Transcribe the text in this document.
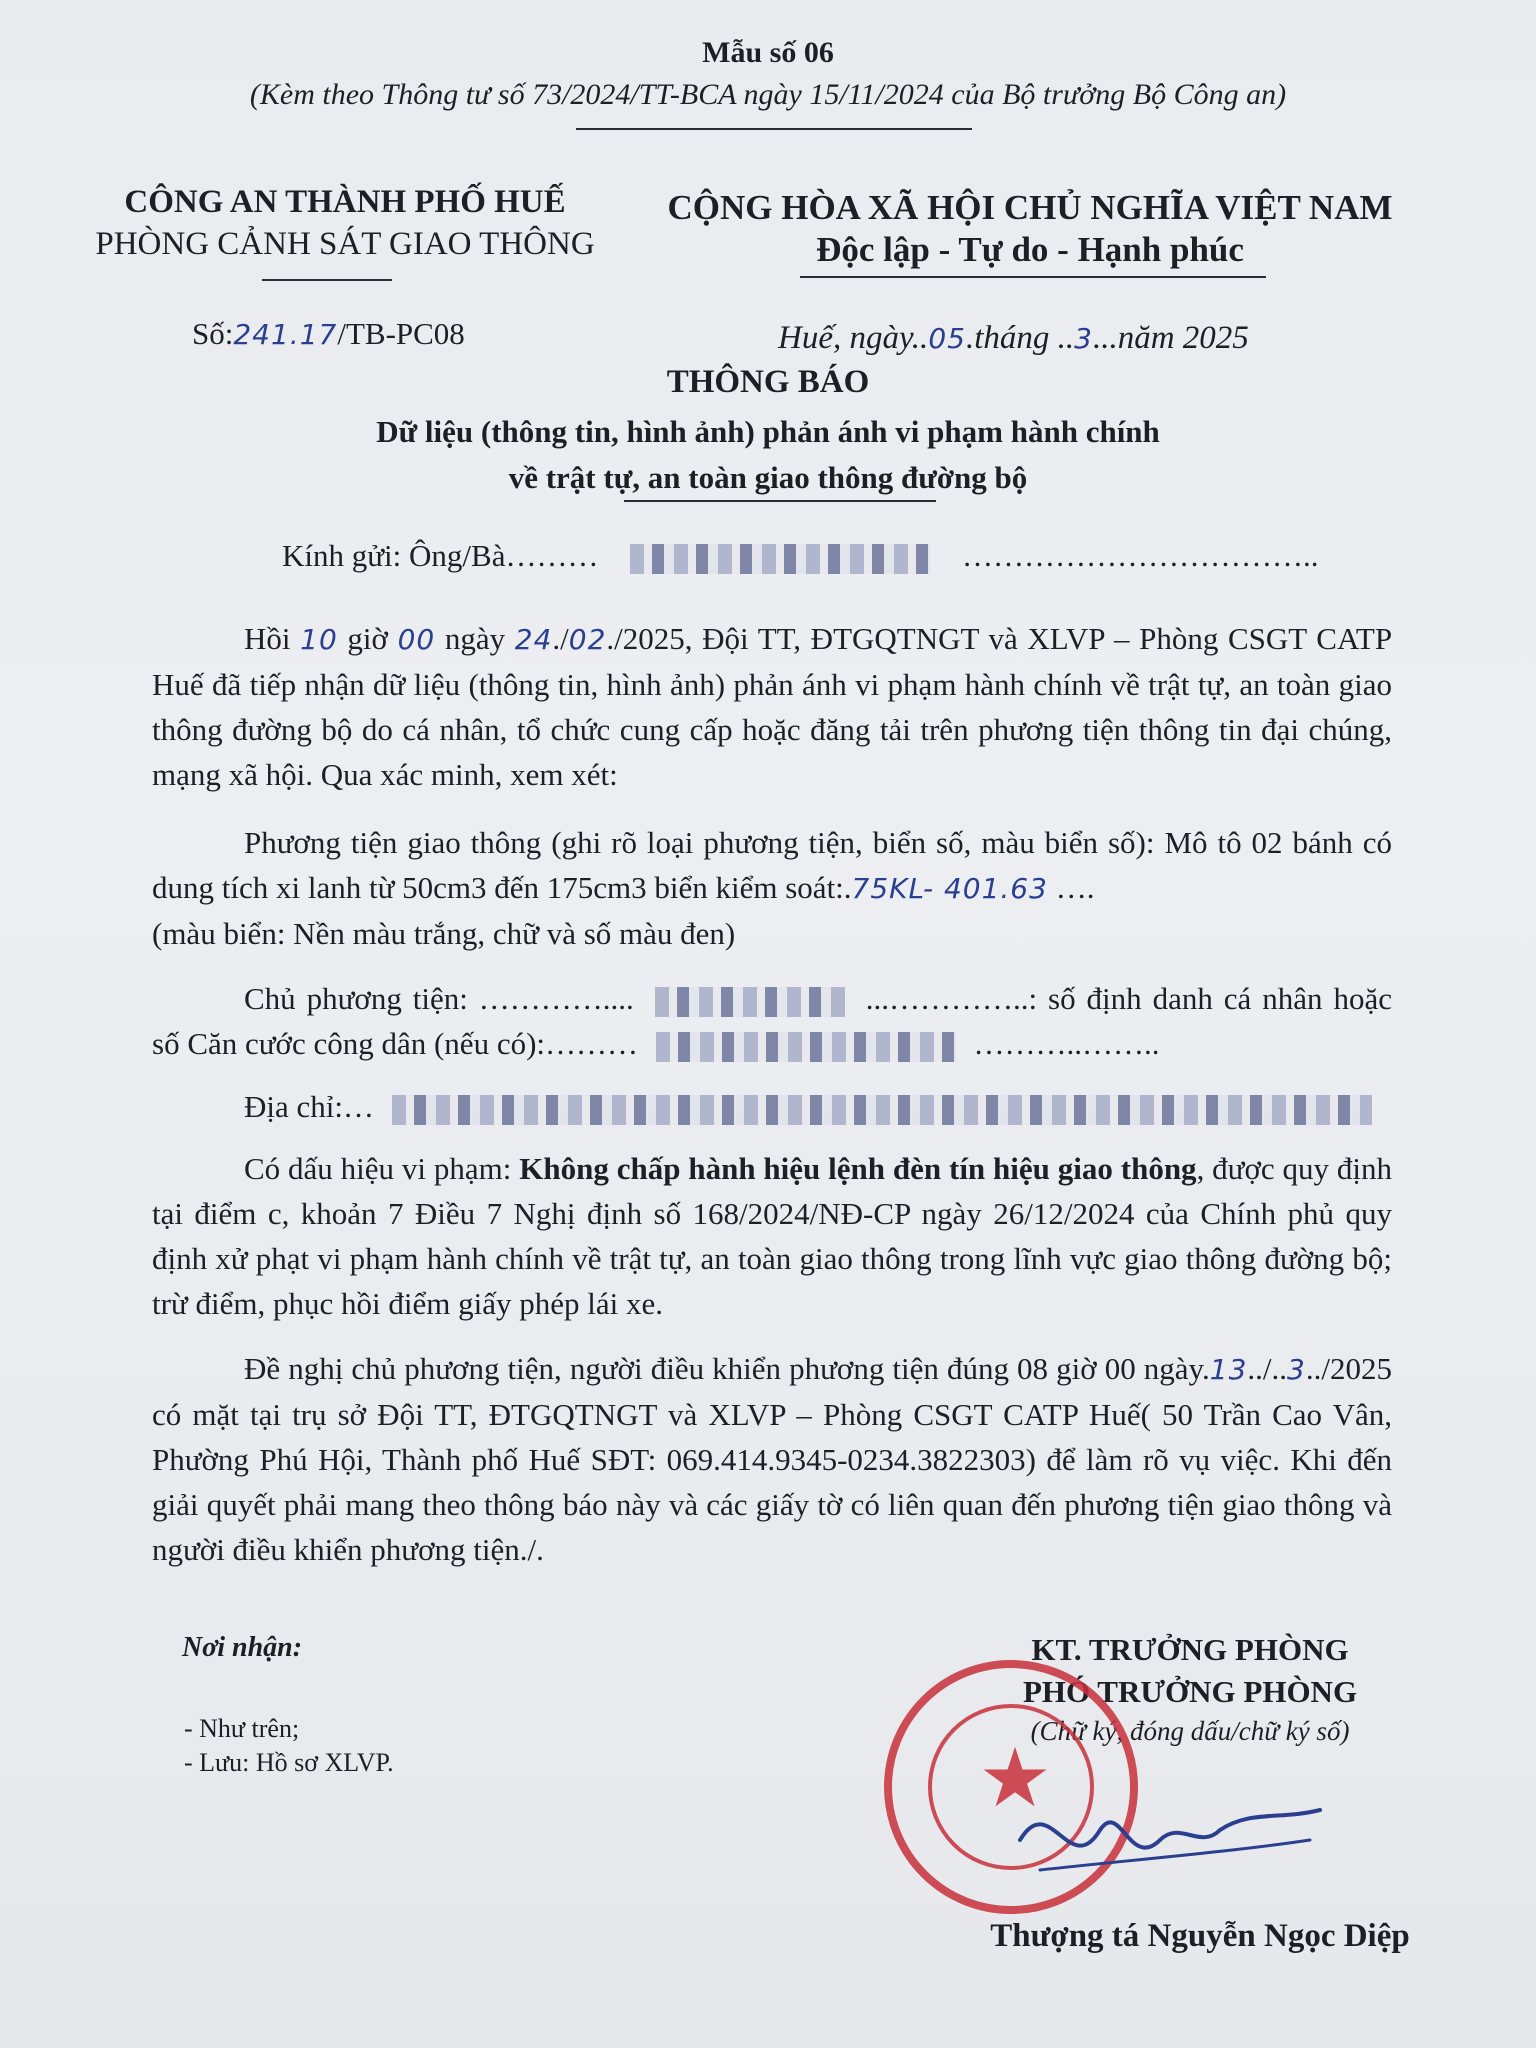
Mẫu số 06
(Kèm theo Thông tư số 73/2024/TT-BCA ngày 15/11/2024 của Bộ trưởng Bộ Công an)
CÔNG AN THÀNH PHỐ HUẾ
PHÒNG CẢNH SÁT GIAO THÔNG
CỘNG HÒA XÃ HỘI CHỦ NGHĨA VIỆT NAM
Độc lập - Tự do - Hạnh phúc
Số:241.17/TB-PC08	Huế, ngày..05.tháng ..3...năm 2025
THÔNG BÁO
Dữ liệu (thông tin, hình ảnh) phản ánh vi phạm hành chính
về trật tự, an toàn giao thông đường bộ
Kính gửi: Ông/Bà………	……………………………..

Hồi 10 giờ 00 ngày 24./02./2025, Đội TT, ĐTGQTNGT và XLVP – Phòng CSGT CATP Huế đã tiếp nhận dữ liệu (thông tin, hình ảnh) phản ánh vi phạm hành chính về trật tự, an toàn giao thông đường bộ do cá nhân, tổ chức cung cấp hoặc đăng tải trên phương tiện thông tin đại chúng, mạng xã hội. Qua xác minh, xem xét:

Phương tiện giao thông (ghi rõ loại phương tiện, biển số, màu biển số): Mô tô 02 bánh có dung tích xi lanh từ 50cm3 đến 175cm3 biển kiểm soát:.75KL- 401.63 ….

(màu biển: Nền màu trắng, chữ và số màu đen)

Chủ phương tiện: …………....	...…………..: số định danh cá nhân hoặc số Căn cước công dân (nếu có):………	………..……..

Địa chỉ:…

Có dấu hiệu vi phạm: Không chấp hành hiệu lệnh đèn tín hiệu giao thông, được quy định tại điểm c, khoản 7 Điều 7 Nghị định số 168/2024/NĐ-CP ngày 26/12/2024 của Chính phủ quy định xử phạt vi phạm hành chính về trật tự, an toàn giao thông trong lĩnh vực giao thông đường bộ; trừ điểm, phục hồi điểm giấy phép lái xe.

Đề nghị chủ phương tiện, người điều khiển phương tiện đúng 08 giờ 00 ngày.13../..3../2025 có mặt tại trụ sở Đội TT, ĐTGQTNGT và XLVP – Phòng CSGT CATP Huế( 50 Trần Cao Vân, Phường Phú Hội, Thành phố Huế SĐT: 069.414.9345-0234.3822303) để làm rõ vụ việc. Khi đến giải quyết phải mang theo thông báo này và các giấy tờ có liên quan đến phương tiện giao thông và người điều khiển phương tiện./.

Nơi nhận:
- Như trên;
- Lưu: Hồ sơ XLVP.
KT. TRƯỞNG PHÒNG
PHÓ TRƯỞNG PHÒNG
(Chữ ký, đóng dấu/chữ ký số)
★
Thượng tá Nguyễn Ngọc Diệp
